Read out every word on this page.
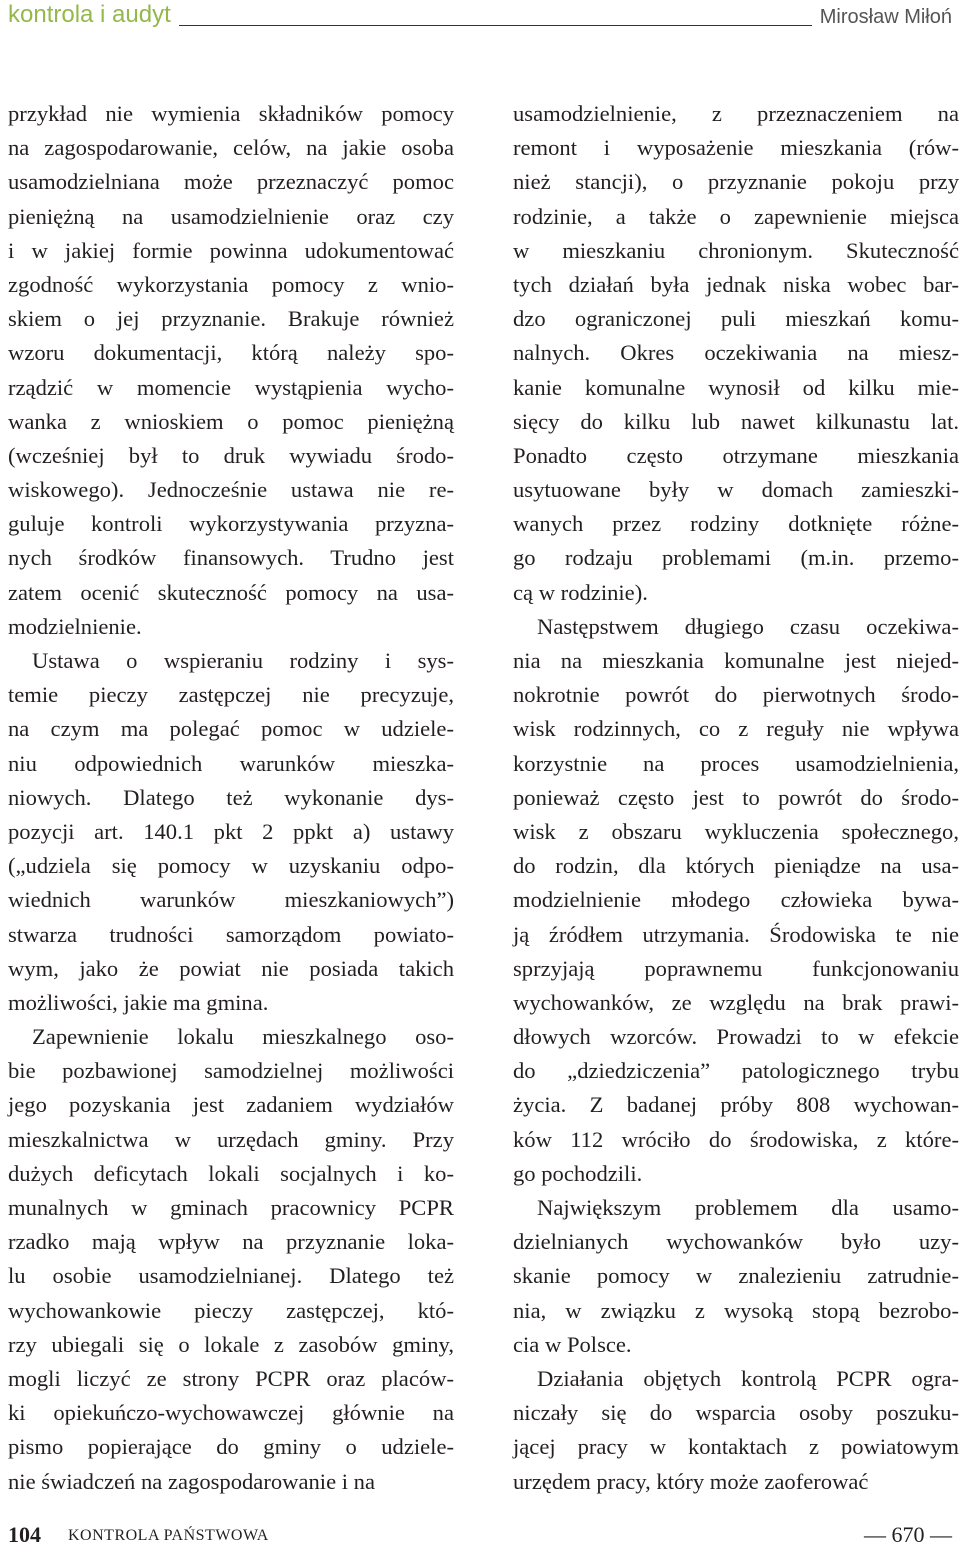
kontrola i audyt	Mirosław Miłoń
przykład nie wymienia składników pomocy
na zagospodarowanie, celów, na jakie osoba
usamodzielniana może przeznaczyć pomoc
pieniężną na usamodzielnienie oraz czy
i w jakiej formie powinna udokumentować
zgodność wykorzystania pomocy z wnio-
skiem o jej przyznanie. Brakuje również
wzoru dokumentacji, którą należy spo-
rządzić w momencie wystąpienia wycho-
wanka z wnioskiem o pomoc pieniężną
(wcześniej był to druk wywiadu środo-
wiskowego). Jednocześnie ustawa nie re-
guluje kontroli wykorzystywania przyzna-
nych środków finansowych. Trudno jest
zatem ocenić skuteczność pomocy na usa-
modzielnienie.
Ustawa o wspieraniu rodziny i sys-
temie pieczy zastępczej nie precyzuje,
na czym ma polegać pomoc w udziele-
niu odpowiednich warunków mieszka-
niowych. Dlatego też wykonanie dys-
pozycji art. 140.1 pkt 2 ppkt a) ustawy
(„udziela się pomocy w uzyskaniu odpo-
wiednich warunków mieszkaniowych”)
stwarza trudności samorządom powiato-
wym, jako że powiat nie posiada takich
możliwości, jakie ma gmina.
Zapewnienie lokalu mieszkalnego oso-
bie pozbawionej samodzielnej możliwości
jego pozyskania jest zadaniem wydziałów
mieszkalnictwa w urzędach gminy. Przy
dużych deficytach lokali socjalnych i ko-
munalnych w gminach pracownicy PCPR
rzadko mają wpływ na przyznanie loka-
lu osobie usamodzielnianej. Dlatego też
wychowankowie pieczy zastępczej, któ-
rzy ubiegali się o lokale z zasobów gminy,
mogli liczyć ze strony PCPR oraz placów-
ki opiekuńczo-wychowawczej głównie na
pismo popierające do gminy o udziele-
nie świadczeń na zagospodarowanie i na
usamodzielnienie, z przeznaczeniem na
remont i wyposażenie mieszkania (rów-
nież stancji), o przyznanie pokoju przy
rodzinie, a także o zapewnienie miejsca
w mieszkaniu chronionym. Skuteczność
tych działań była jednak niska wobec bar-
dzo ograniczonej puli mieszkań komu-
nalnych. Okres oczekiwania na miesz-
kanie komunalne wynosił od kilku mie-
sięcy do kilku lub nawet kilkunastu lat.
Ponadto często otrzymane mieszkania
usytuowane były w domach zamieszki-
wanych przez rodziny dotknięte różne-
go rodzaju problemami (m.in. przemo-
cą w rodzinie).
Następstwem długiego czasu oczekiwa-
nia na mieszkania komunalne jest niejed-
nokrotnie powrót do pierwotnych środo-
wisk rodzinnych, co z reguły nie wpływa
korzystnie na proces usamodzielnienia,
ponieważ często jest to powrót do środo-
wisk z obszaru wykluczenia społecznego,
do rodzin, dla których pieniądze na usa-
modzielnienie młodego człowieka bywa-
ją źródłem utrzymania. Środowiska te nie
sprzyjają poprawnemu funkcjonowaniu
wychowanków, ze względu na brak prawi-
dłowych wzorców. Prowadzi to w efekcie
do „dziedziczenia” patologicznego trybu
życia. Z badanej próby 808 wychowan-
ków 112 wróciło do środowiska, z które-
go pochodzili.
Największym problemem dla usamo-
dzielnianych wychowanków było uzy-
skanie pomocy w znalezieniu zatrudnie-
nia, w związku z wysoką stopą bezrobo-
cia w Polsce.
Działania objętych kontrolą PCPR ogra-
niczały się do wsparcia osoby poszuku-
jącej pracy w kontaktach z powiatowym
urzędem pracy, który może zaoferować
104 KONTROLA PAŃSTWOWA	— 670 —
